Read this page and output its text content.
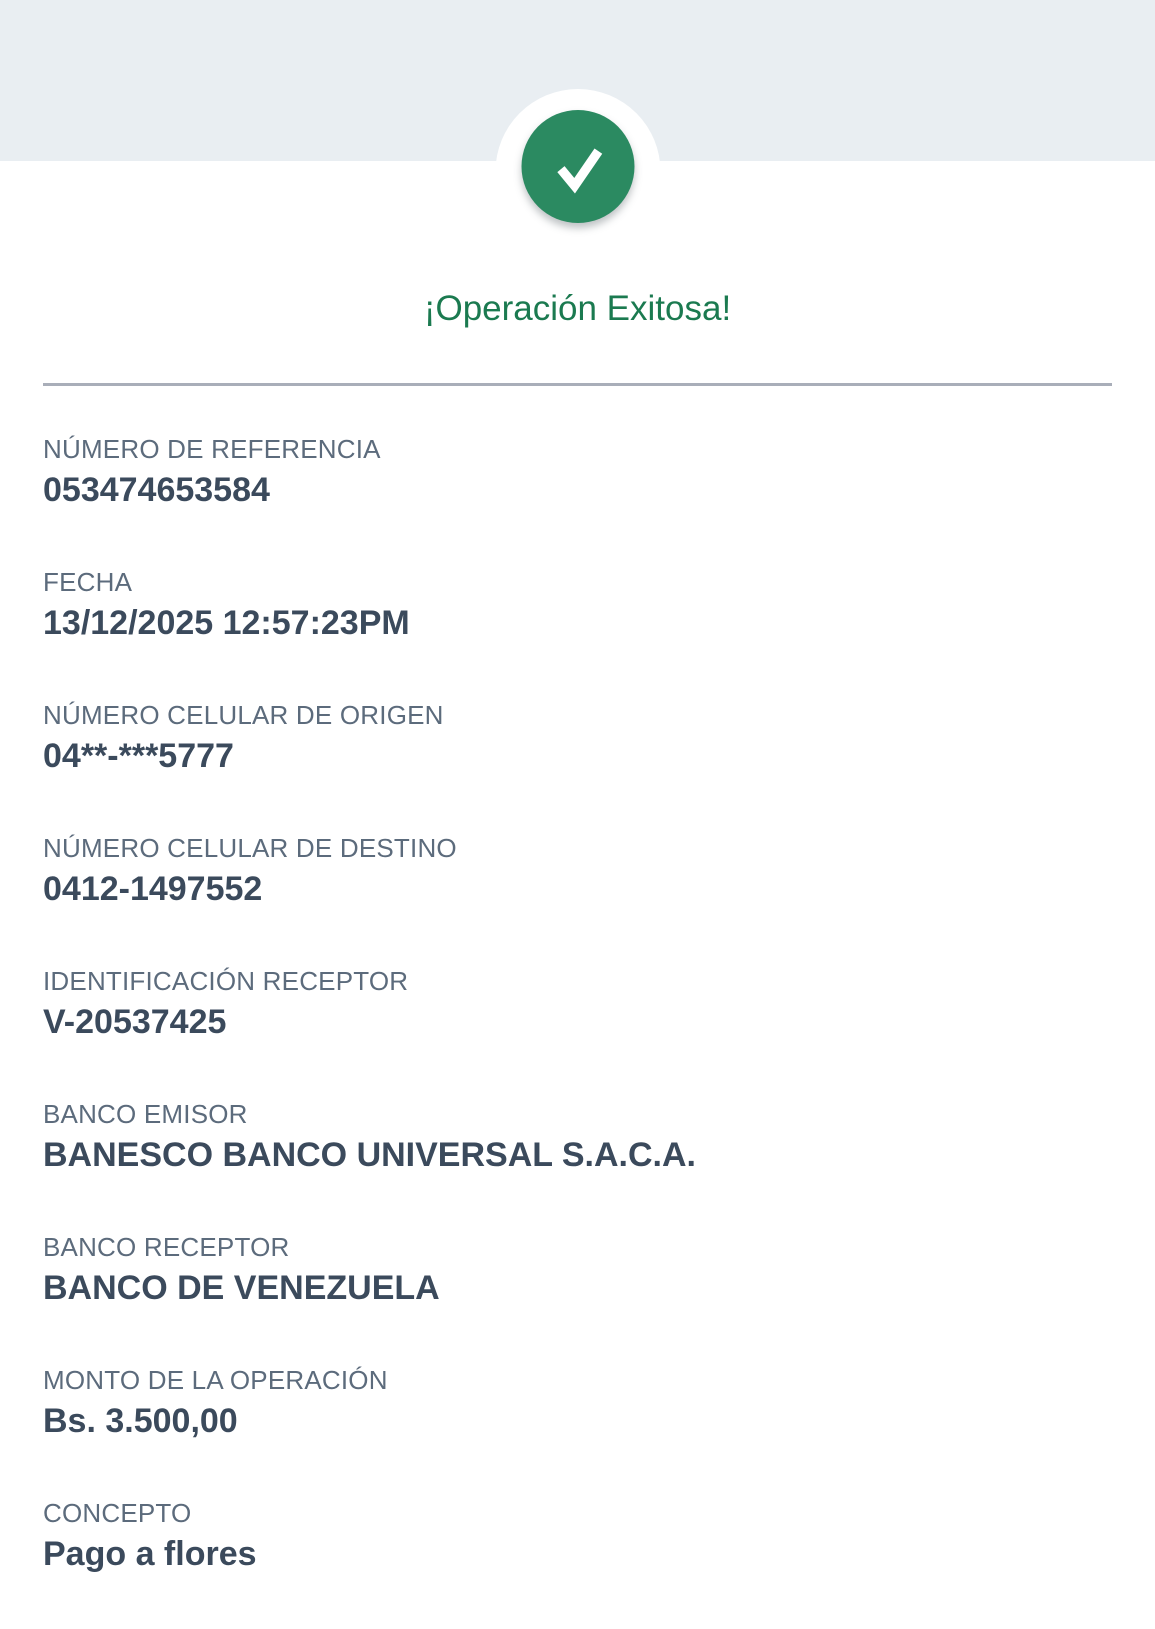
¡Operación Exitosa!
NÚMERO DE REFERENCIA
053474653584
FECHA
13/12/2025 12:57:23PM
NÚMERO CELULAR DE ORIGEN
04**-***5777
NÚMERO CELULAR DE DESTINO
0412-1497552
IDENTIFICACIÓN RECEPTOR
V-20537425
BANCO EMISOR
BANESCO BANCO UNIVERSAL S.A.C.A.
BANCO RECEPTOR
BANCO DE VENEZUELA
MONTO DE LA OPERACIÓN
Bs. 3.500,00
CONCEPTO
Pago a flores
